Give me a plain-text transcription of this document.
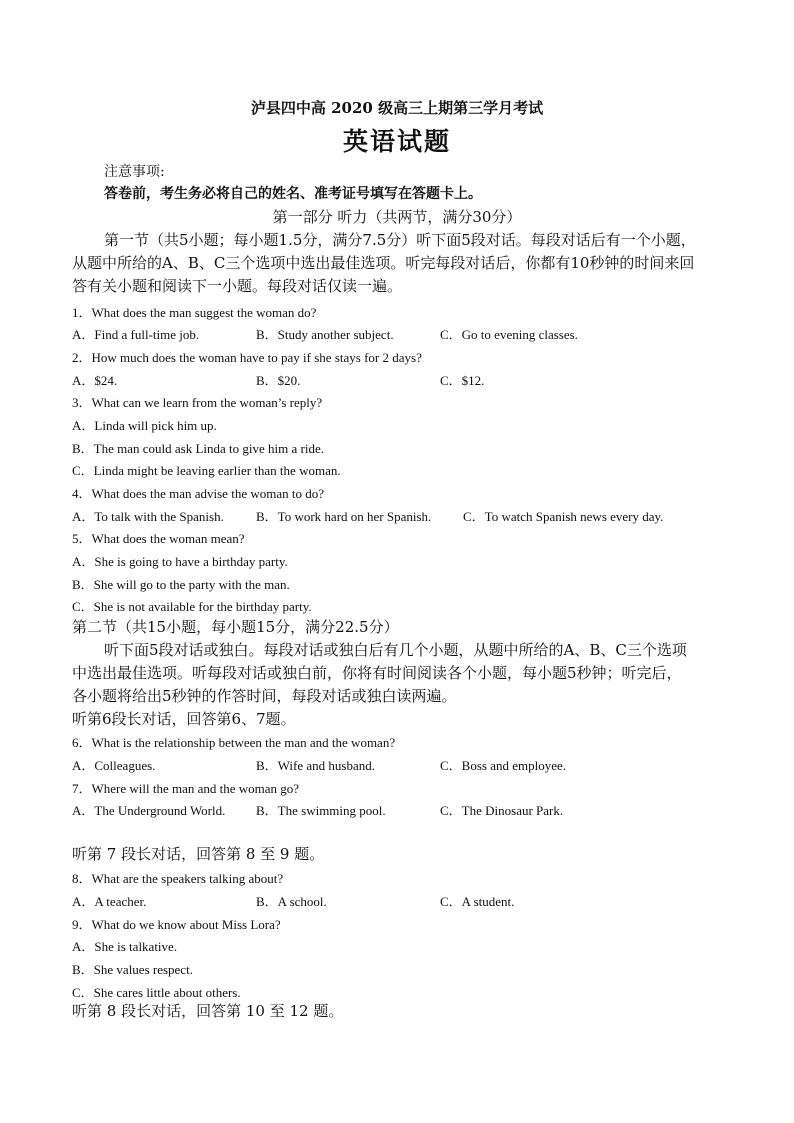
泸县四中高 2020 级高三上期第三学月考试
英语试题
注意事项:
答卷前，考生务必将自己的姓名、准考证号填写在答题卡上。
第一部分 听力（共两节，满分30分）
第一节（共5小题；每小题1.5分，满分7.5分）听下面5段对话。每段对话后有一个小题，
从题中所给的A、B、C三个选项中选出最佳选项。听完每段对话后，你都有10秒钟的时间来回
答有关小题和阅读下一小题。每段对话仅读一遍。
1．What does the man suggest the woman do?
A．Find a full-time job.	B．Study another subject.	C．Go to evening classes.
2．How much does the woman have to pay if she stays for 2 days?
A．$24.	B．$20.	C．$12.
3．What can we learn from the woman’s reply?
A．Linda will pick him up.
B．The man could ask Linda to give him a ride.
C．Linda might be leaving earlier than the woman.
4．What does the man advise the woman to do?
A．To talk with the Spanish. B．To work hard on her Spanish. C．To watch Spanish news every day.
5．What does the woman mean?
A．She is going to have a birthday party.
B．She will go to the party with the man.
C．She is not available for the birthday party.
第二节（共15小题，每小题15分，满分22.5分）
听下面5段对话或独白。每段对话或独白后有几个小题，从题中所给的A、B、C三个选项
中选出最佳选项。听每段对话或独白前，你将有时间阅读各个小题，每小题5秒钟；听完后，
各小题将给出5秒钟的作答时间，每段对话或独白读两遍。
听第6段长对话，回答第6、7题。
6．What is the relationship between the man and the woman?
A．Colleagues.	B．Wife and husband.	C．Boss and employee.
7．Where will the man and the woman go?
A．The Underground World. B．The swimming pool.	C．The Dinosaur Park.
听第 7 段长对话，回答第 8 至 9 题。
8．What are the speakers talking about?
A．A teacher.	B．A school.	C．A student.
9．What do we know about Miss Lora?
A．She is talkative.
B．She values respect.
C．She cares little about others.
听第 8 段长对话，回答第 10 至 12 题。
